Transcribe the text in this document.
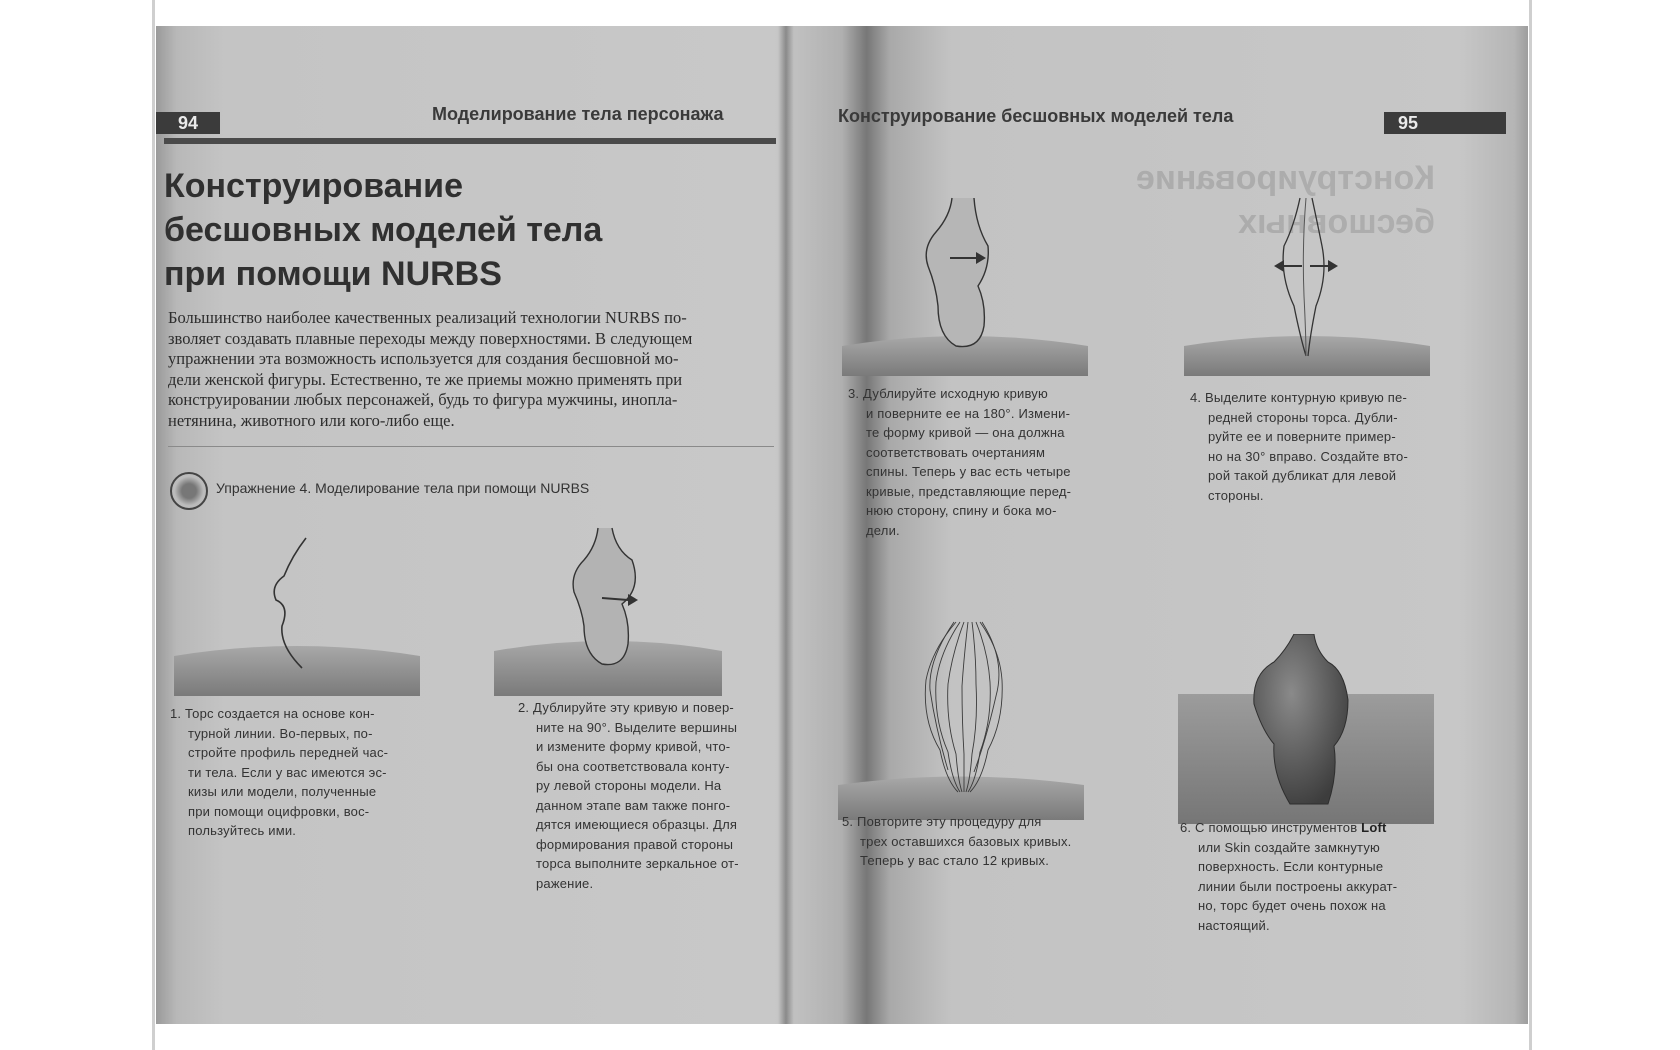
94	Моделирование тела персонажа
Конструирование
бесшовных моделей тела
при помощи NURBS
Большинство наиболее качественных реализаций технологии NURBS по-
зволяет создавать плавные переходы между поверхностями. В следующем
упражнении эта возможность используется для создания бесшовной мо-
дели женской фигуры. Естественно, те же приемы можно применять при
конструировании любых персонажей, будь то фигура мужчины, инопла-
нетянина, животного или кого-либо еще.
Упражнение 4. Моделирование тела при помощи NURBS
1. Торс создается на основе кон-
турной линии. Во-первых, по-
стройте профиль передней час-
ти тела. Если у вас имеются эс-
кизы или модели, полученные
при помощи оцифровки, вос-
пользуйтесь ими.
2. Дублируйте эту кривую и повер-
ните на 90°. Выделите вершины
и измените форму кривой, что-
бы она соответствовала конту-
ру левой стороны модели. На
данном этапе вам также понго-
дятся имеющиеся образцы. Для
формирования правой стороны
торса выполните зеркальное от-
ражение.
Конструирование бесшовных моделей тела	95
Конструирование
бесшовных
3. Дублируйте исходную кривую
и поверните ее на 180°. Измени-
те форму кривой — она должна
соответствовать очертаниям
спины. Теперь у вас есть четыре
кривые, представляющие перед-
нюю сторону, спину и бока мо-
дели.
4. Выделите контурную кривую пе-
редней стороны торса. Дубли-
руйте ее и поверните пример-
но на 30° вправо. Создайте вто-
рой такой дубликат для левой
стороны.
5. Повторите эту процедуру для
трех оставшихся базовых кривых.
Теперь у вас стало 12 кривых.
6. С помощью инструментов Loft
или Skin создайте замкнутую
поверхность. Если контурные
линии были построены аккурат-
но, торс будет очень похож на
настоящий.
